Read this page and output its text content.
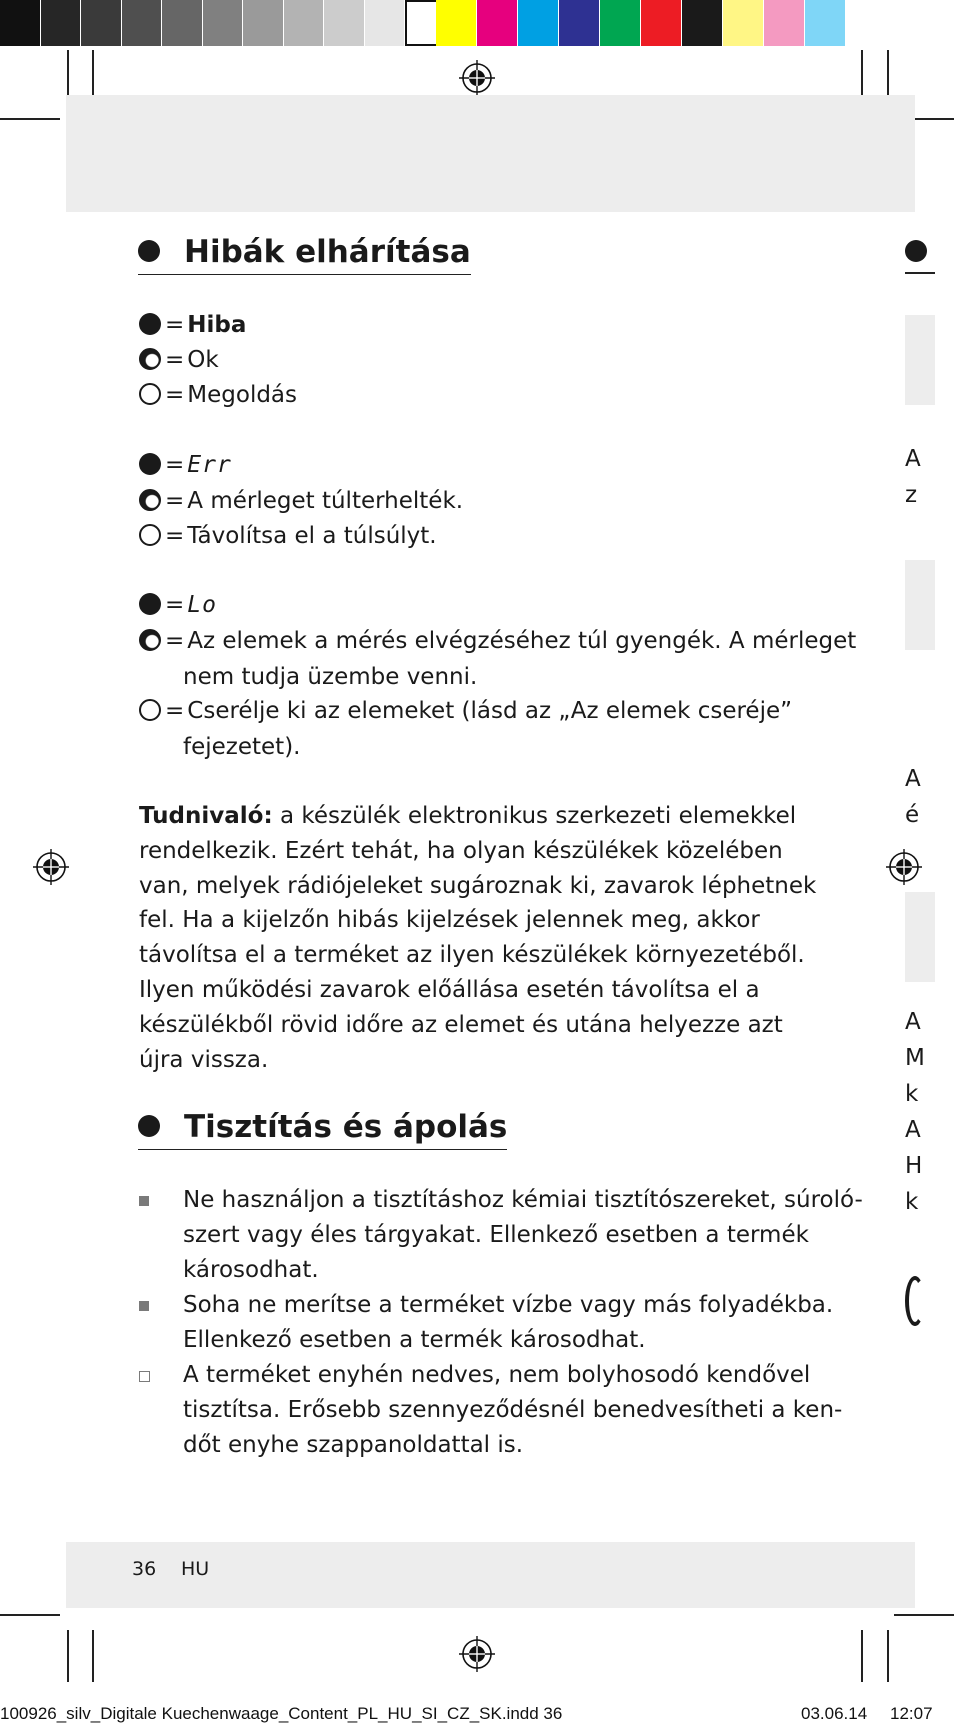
A
z
A
é
A
M
k
A
H
k
Hibák elhárítása
= Hiba
= Ok
= Megoldás
= Err
= A mérleget túlterhelték.
= Távolítsa el a túlsúlyt.
= Lo
= Az elemek a mérés elvégzéséhez túl gyengék. A mérleget
nem tudja üzembe venni.
= Cserélje ki az elemeket (lásd az „Az elemek cseréje”
fejezetet).
Tudnivaló: a készülék elektronikus szerkezeti elemekkel rendelkezik. Ezért tehát, ha olyan készülékek közelében van, melyek rádiójeleket sugároznak ki, zavarok léphetnek fel. Ha a kijelzőn hibás kijelzések jelennek meg, akkor távolítsa el a terméket az ilyen készülékek környezetéből. Ilyen működési zavarok előállása esetén távolítsa el a készülékből rövid időre az elemet és utána helyezze azt újra vissza.
Tisztítás és ápolás
Ne használjon a tisztításhoz kémiai tisztítószereket, súroló-
szert vagy éles tárgyakat. Ellenkező esetben a termék
károsodhat.
Soha ne merítse a terméket vízbe vagy más folyadékba.
Ellenkező esetben a termék károsodhat.
A terméket enyhén nedves, nem bolyhosodó kendővel
tisztítsa. Erősebb szennyeződésnél benedvesítheti a ken-
dőt enyhe szappanoldattal is.
36 HU
100926_silv_Digitale Kuechenwaage_Content_PL_HU_SI_CZ_SK.indd 36	03.06.14 12:07
